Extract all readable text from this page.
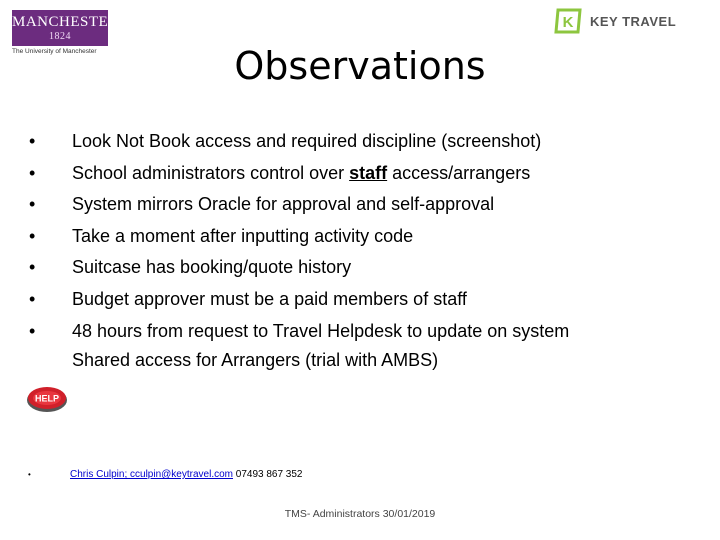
MANCHESTER
1824
The University of Manchester
K KEY TRAVEL
Observations
• Look Not Book access and required discipline (screenshot)
• School administrators control over staff access/arrangers
• System mirrors Oracle for approval and self-approval
• Take a moment after inputting activity code
• Suitcase has booking/quote history
• Budget approver must be a paid members of staff
• 48 hours from request to Travel Helpdesk to update on system
Shared access for Arrangers (trial with AMBS)
HELP
•	Chris Culpin; cculpin@keytravel.com 07493 867 352
TMS- Administrators 30/01/2019
